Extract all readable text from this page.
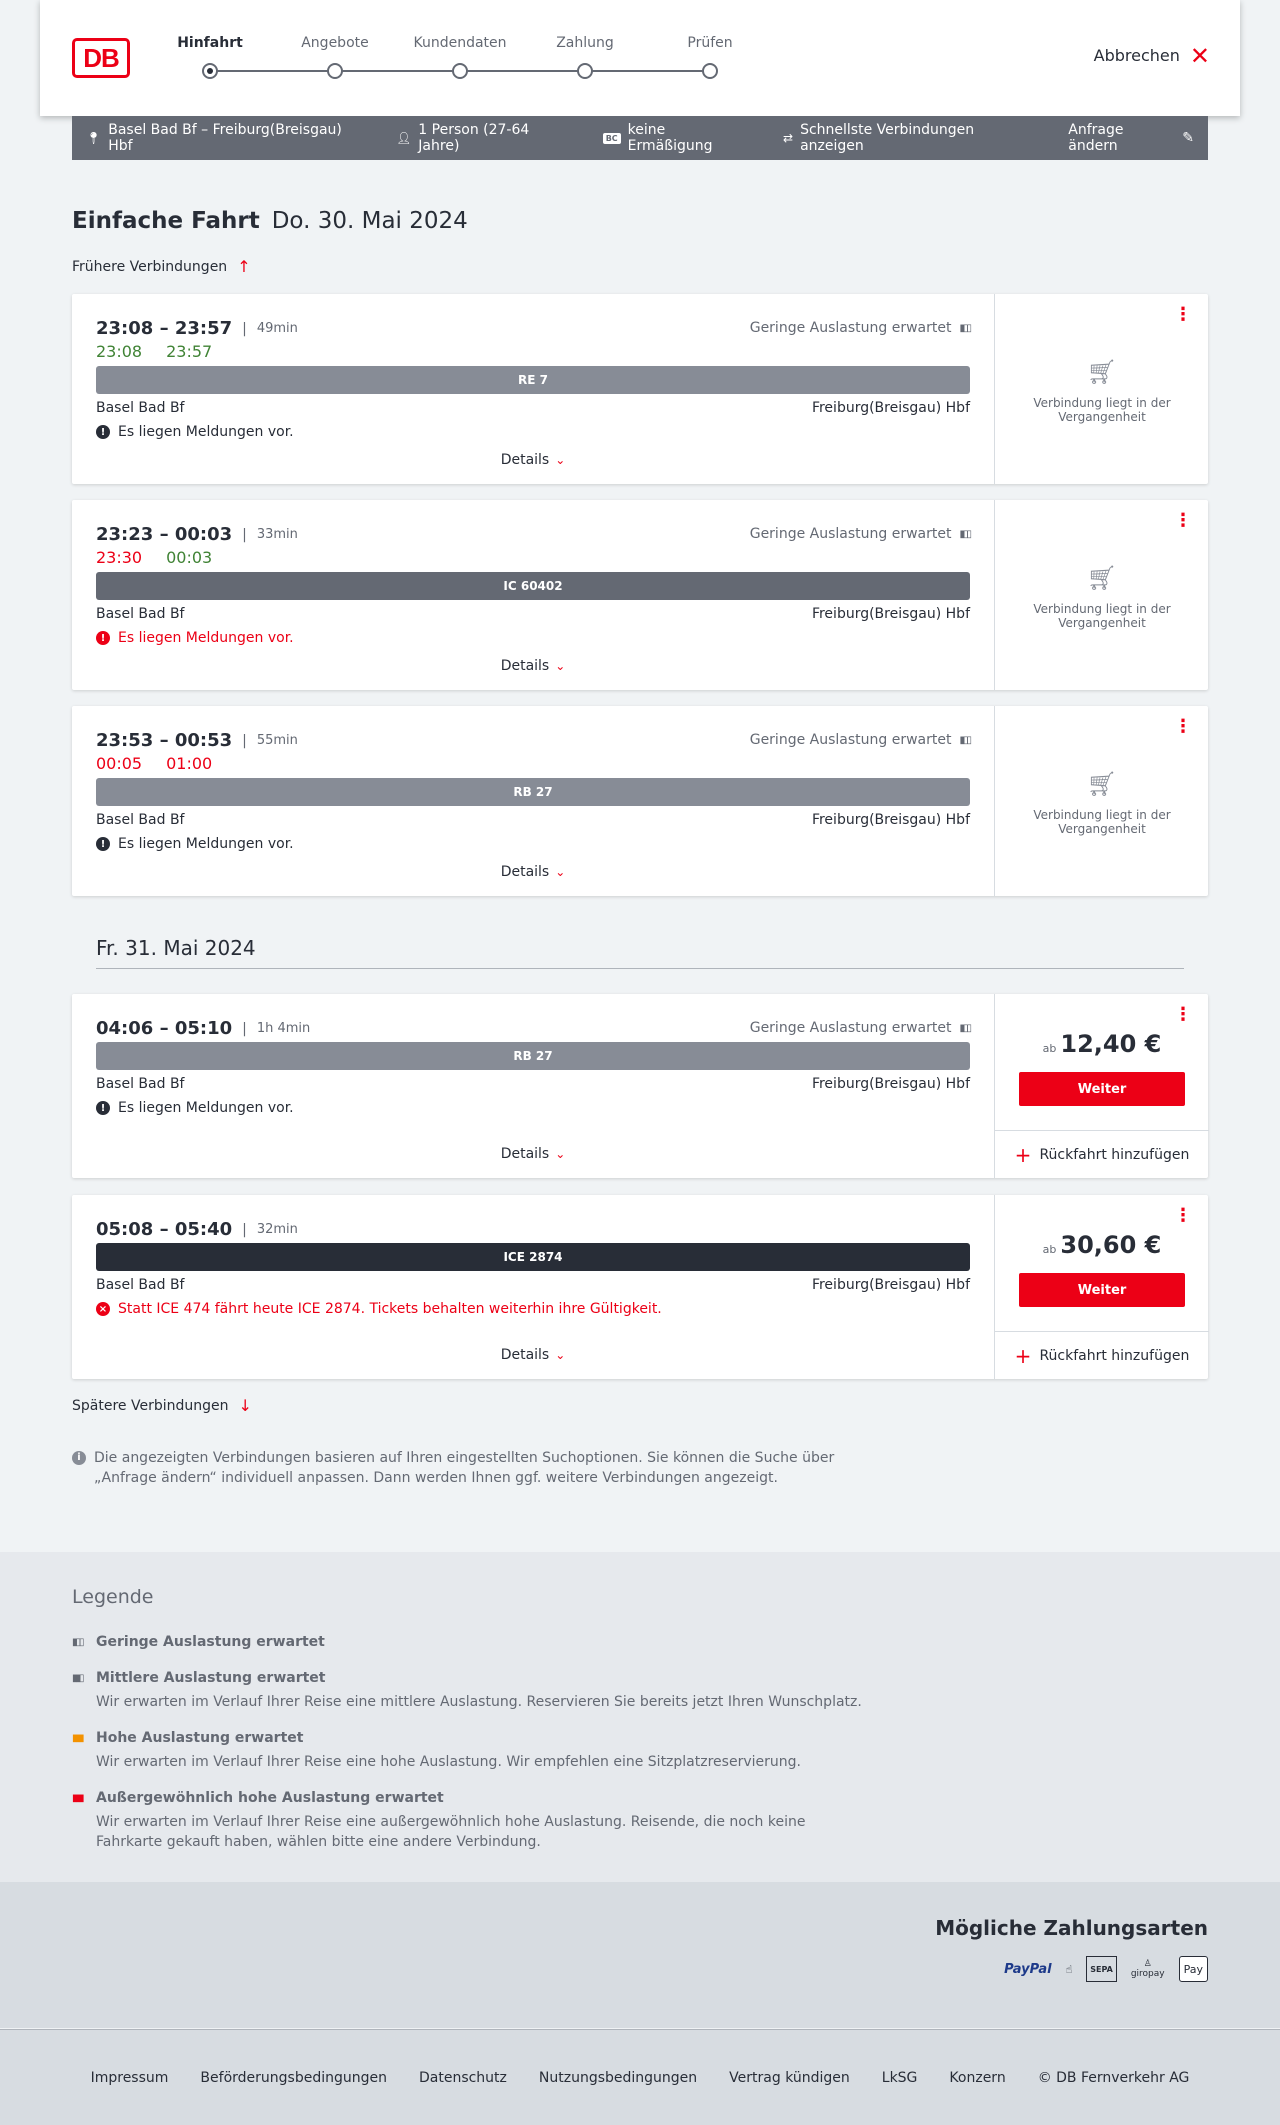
DB	Hinfahrt	Angebote	Kundendaten	Zahlung	Prüfen
Abbrechen ✕
📍︎ Basel Bad Bf – Freiburg(Breisgau) Hbf	👤︎ 1 Person (27-64 Jahre)	BC keine Ermäßigung	⇄ Schnellste Verbindungen anzeigen
Anfrage ändern	✎
Einfache Fahrt Do. 30. Mai 2024
Frühere Verbindungen ↑
23:08 – 23:57 | 49min	Geringe Auslastung erwartet ▮▯▯
23:08 23:57
RE 7
Basel Bad Bf	Freiburg(Breisgau) Hbf
! Es liegen Meldungen vor.
Details ⌄
⋮
🛒︎
Verbindung liegt in der Vergangenheit
23:23 – 00:03 | 33min	Geringe Auslastung erwartet ▮▯▯
23:30 00:03
IC 60402
Basel Bad Bf	Freiburg(Breisgau) Hbf
! Es liegen Meldungen vor.
Details ⌄
⋮
🛒︎
Verbindung liegt in der Vergangenheit
23:53 – 00:53 | 55min	Geringe Auslastung erwartet ▮▯▯
00:05 01:00
RB 27
Basel Bad Bf	Freiburg(Breisgau) Hbf
! Es liegen Meldungen vor.
Details ⌄
⋮
🛒︎
Verbindung liegt in der Vergangenheit
Fr. 31. Mai 2024
04:06 – 05:10 | 1h 4min	Geringe Auslastung erwartet ▮▯▯
RB 27
Basel Bad Bf	Freiburg(Breisgau) Hbf
! Es liegen Meldungen vor.
Details ⌄
⋮
ab 12,40 €
Weiter
+ Rückfahrt hinzufügen
05:08 – 05:40 | 32min
ICE 2874
Basel Bad Bf	Freiburg(Breisgau) Hbf
× Statt ICE 474 fährt heute ICE 2874. Tickets behalten weiterhin ihre Gültigkeit.
Details ⌄
⋮
ab 30,60 €
Weiter
+ Rückfahrt hinzufügen
Spätere Verbindungen ↓
i Die angezeigten Verbindungen basieren auf Ihren eingestellten Suchoptionen. Sie können die Suche über „Anfrage ändern“ individuell anpassen. Dann werden Ihnen ggf. weitere Verbindungen angezeigt.
Legende
▮▯▯ Geringe Auslastung erwartet
▮▮▯ Mittlere Auslastung erwartet
Wir erwarten im Verlauf Ihrer Reise eine mittlere Auslastung. Reservieren Sie bereits jetzt Ihren Wunschplatz.
▮▮▮ Hohe Auslastung erwartet
Wir erwarten im Verlauf Ihrer Reise eine hohe Auslastung. Wir empfehlen eine Sitzplatzreservierung.
▮▮▮ Außergewöhnlich hohe Auslastung erwartet
Wir erwarten im Verlauf Ihrer Reise eine außergewöhnlich hohe Auslastung. Reisende, die noch keine Fahrkarte gekauft haben, wählen bitte eine andere Verbindung.
Mögliche Zahlungsarten
PayPal ☝︎	SEPA	♙
giropay Pay
Impressum Beförderungsbedingungen Datenschutz Nutzungsbedingungen Vertrag kündigen LkSG Konzern © DB Fernverkehr AG
